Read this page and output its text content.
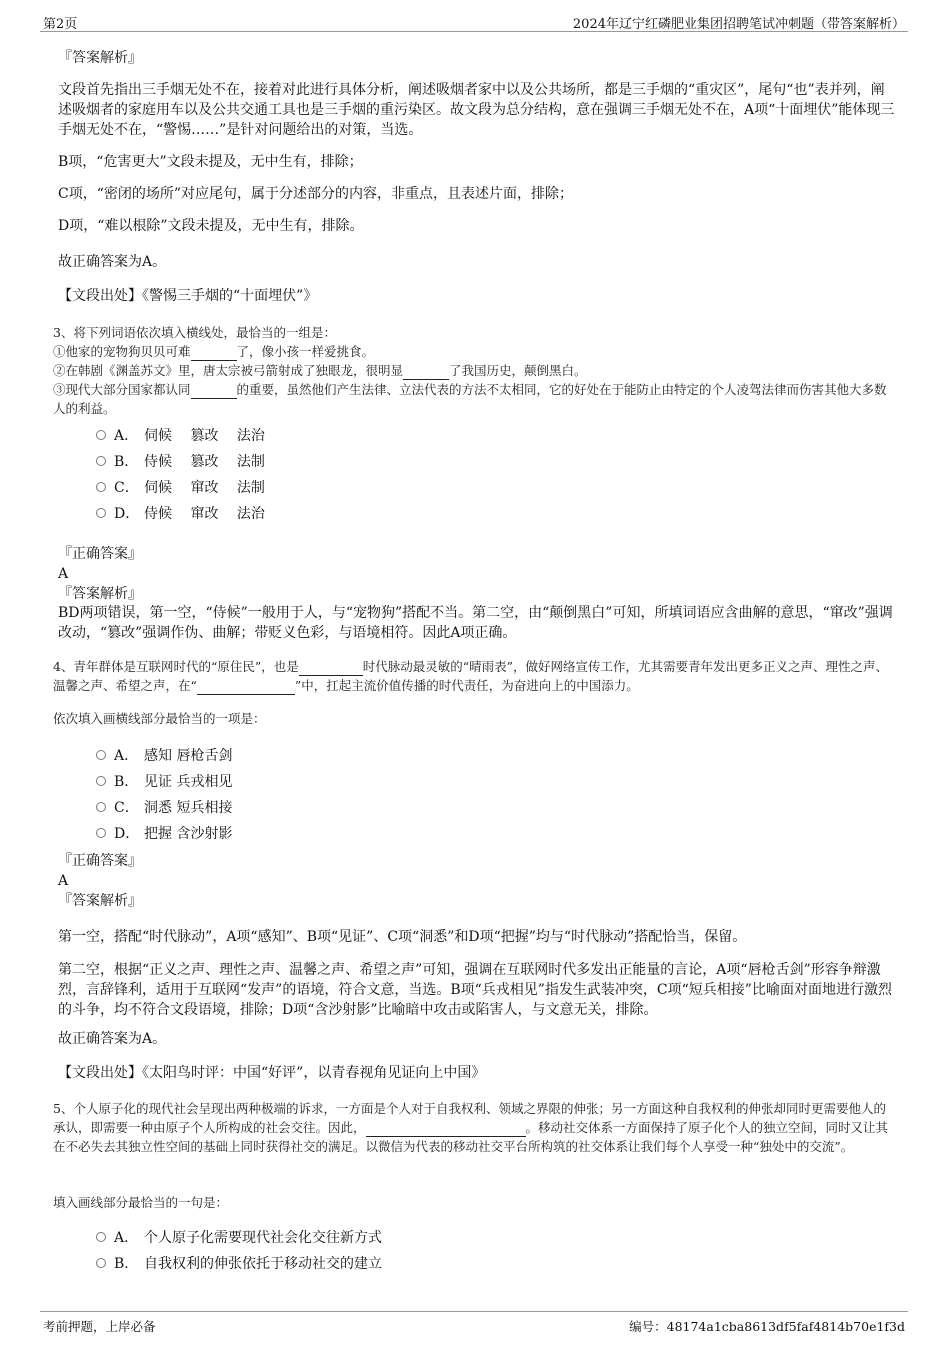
第2页	2024年辽宁红磷肥业集团招聘笔试冲刺题（带答案解析）
『答案解析』
文段首先指出三手烟无处不在，接着对此进行具体分析，阐述吸烟者家中以及公共场所，都是三手烟的“重灾区”，尾句“也”表并列，阐述吸烟者的家庭用车以及公共交通工具也是三手烟的重污染区。故文段为总分结构，意在强调三手烟无处不在，A项“十面埋伏”能体现三手烟无处不在，“警惕……”是针对问题给出的对策，当选。
B项，“危害更大”文段未提及，无中生有，排除；
C项，“密闭的场所”对应尾句，属于分述部分的内容，非重点，且表述片面，排除；
D项，“难以根除”文段未提及，无中生有，排除。
故正确答案为A。
【文段出处】《警惕三手烟的“十面埋伏”》
3、将下列词语依次填入横线处，最恰当的一组是：
①他家的宠物狗贝贝可难	了，像小孩一样爱挑食。
②在韩剧《渊盖苏文》里，唐太宗被弓箭射成了独眼龙，很明显	了我国历史，颠倒黑白。
③现代大部分国家都认同	的重要，虽然他们产生法律、立法代表的方法不太相同，它的好处在于能防止由特定的个人凌驾法律而伤害其他大多数人的利益。
A． 伺候　 篡改　 法治
B． 侍候　 篡改　 法制
C． 伺候　 窜改　 法制
D． 侍候　 窜改　 法治
『正确答案』
A
『答案解析』
BD两项错误，第一空，“侍候”一般用于人，与“宠物狗”搭配不当。第二空，由“颠倒黑白”可知，所填词语应含曲解的意思，“窜改”强调改动，“篡改”强调作伪、曲解；带贬义色彩，与语境相符。因此A项正确。
4、青年群体是互联网时代的“原住民”，也是	时代脉动最灵敏的“晴雨表”，做好网络宣传工作，尤其需要青年发出更多正义之声、理性之声、温馨之声、希望之声，在“	”中，扛起主流价值传播的时代责任，为奋进向上的中国添力。
依次填入画横线部分最恰当的一项是：
A． 感知 唇枪舌剑
B． 见证 兵戎相见
C． 洞悉 短兵相接
D． 把握 含沙射影
『正确答案』
A
『答案解析』
第一空，搭配“时代脉动”，A项“感知”、B项“见证”、C项“洞悉”和D项“把握”均与“时代脉动”搭配恰当，保留。
第二空，根据“正义之声、理性之声、温馨之声、希望之声”可知，强调在互联网时代多发出正能量的言论，A项“唇枪舌剑”形容争辩激烈，言辞锋利，适用于互联网“发声”的语境，符合文意，当选。B项“兵戎相见”指发生武装冲突，C项“短兵相接”比喻面对面地进行激烈的斗争，均不符合文段语境，排除；D项“含沙射影”比喻暗中攻击或陷害人，与文意无关，排除。
故正确答案为A。
【文段出处】《太阳鸟时评：中国“好评”，以青春视角见证向上中国》
5、个人原子化的现代社会呈现出两种极端的诉求，一方面是个人对于自我权利、领域之界限的伸张；另一方面这种自我权利的伸张却同时更需要他人的承认，即需要一种由原子个人所构成的社会交往。因此，	。移动社交体系一方面保持了原子化个人的独立空间，同时又让其在不必失去其独立性空间的基础上同时获得社交的满足。以微信为代表的移动社交平台所构筑的社交体系让我们每个人享受一种“独处中的交流”。
填入画线部分最恰当的一句是：
A． 个人原子化需要现代社会化交往新方式
B． 自我权利的伸张依托于移动社交的建立
考前押题，上岸必备	编号：48174a1cba8613df5faf4814b70e1f3d
